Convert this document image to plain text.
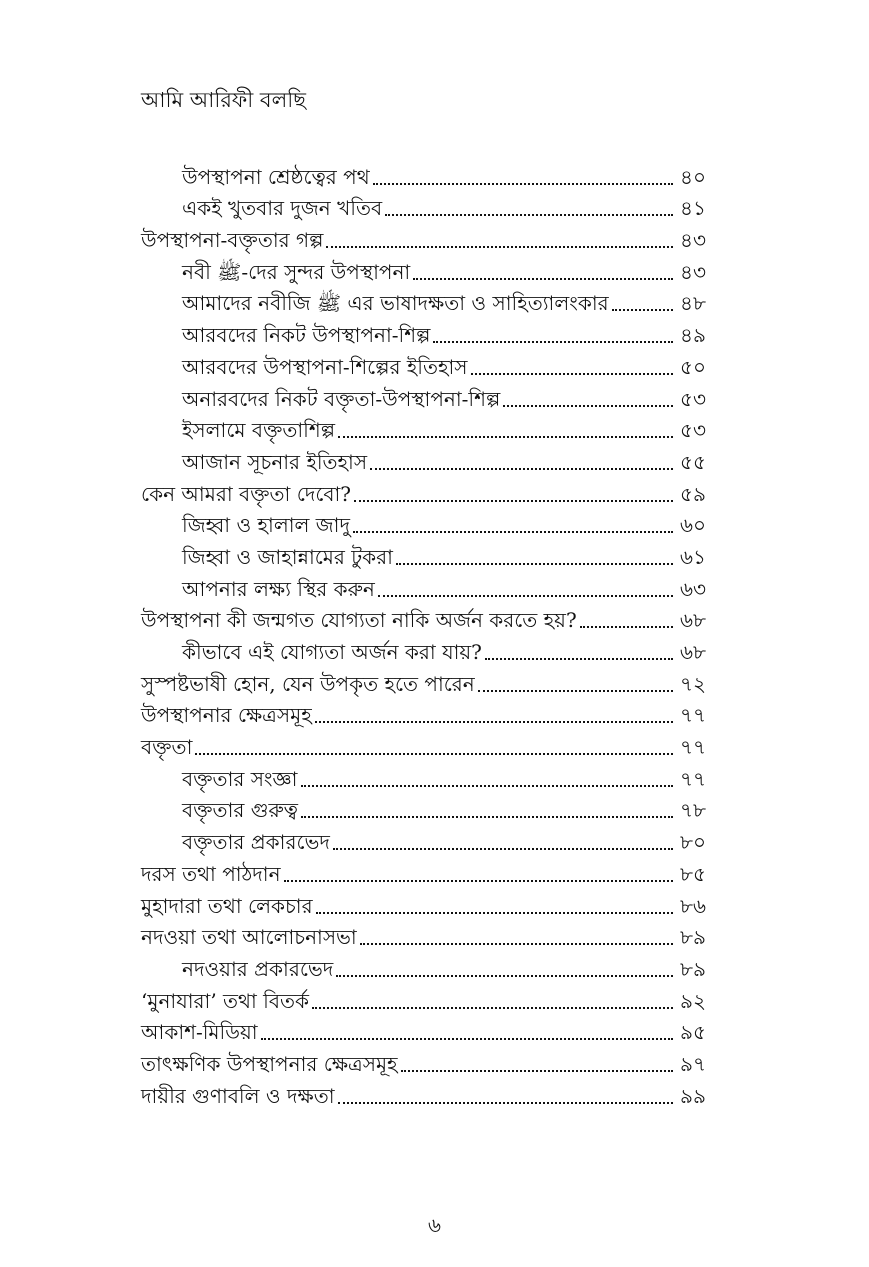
আমি আরিফী বলছি
উপস্থাপনা শ্রেষ্ঠত্বের পথ	৪০
একই খুতবার দুজন খতিব	৪১
উপস্থাপনা-বক্তৃতার গল্প	৪৩
নবী ﷺ-দের সুন্দর উপস্থাপনা	৪৩
আমাদের নবীজি ﷺ এর ভাষাদক্ষতা ও সাহিত্যালংকার	৪৮
আরবদের নিকট উপস্থাপনা-শিল্প	৪৯
আরবদের উপস্থাপনা-শিল্পের ইতিহাস	৫০
অনারবদের নিকট বক্তৃতা-উপস্থাপনা-শিল্প	৫৩
ইসলামে বক্তৃতাশিল্প	৫৩
আজান সূচনার ইতিহাস	৫৫
কেন আমরা বক্তৃতা দেবো?	৫৯
জিহ্বা ও হালাল জাদু	৬০
জিহ্বা ও জাহান্নামের টুকরা	৬১
আপনার লক্ষ্য স্থির করুন	৬৩
উপস্থাপনা কী জন্মগত যোগ্যতা নাকি অর্জন করতে হয়?	৬৮
কীভাবে এই যোগ্যতা অর্জন করা যায়?	৬৮
সুস্পষ্টভাষী হোন, যেন উপকৃত হতে পারেন	৭২
উপস্থাপনার ক্ষেত্রসমূহ	৭৭
বক্তৃতা	৭৭
বক্তৃতার সংজ্ঞা	৭৭
বক্তৃতার গুরুত্ব	৭৮
বক্তৃতার প্রকারভেদ	৮০
দরস তথা পাঠদান	৮৫
মুহাদারা তথা লেকচার	৮৬
নদওয়া তথা আলোচনাসভা	৮৯
নদওয়ার প্রকারভেদ	৮৯
‘মুনাযারা’ তথা বিতর্ক	৯২
আকাশ-মিডিয়া	৯৫
তাৎক্ষণিক উপস্থাপনার ক্ষেত্রসমূহ	৯৭
দায়ীর গুণাবলি ও দক্ষতা	৯৯
৬
